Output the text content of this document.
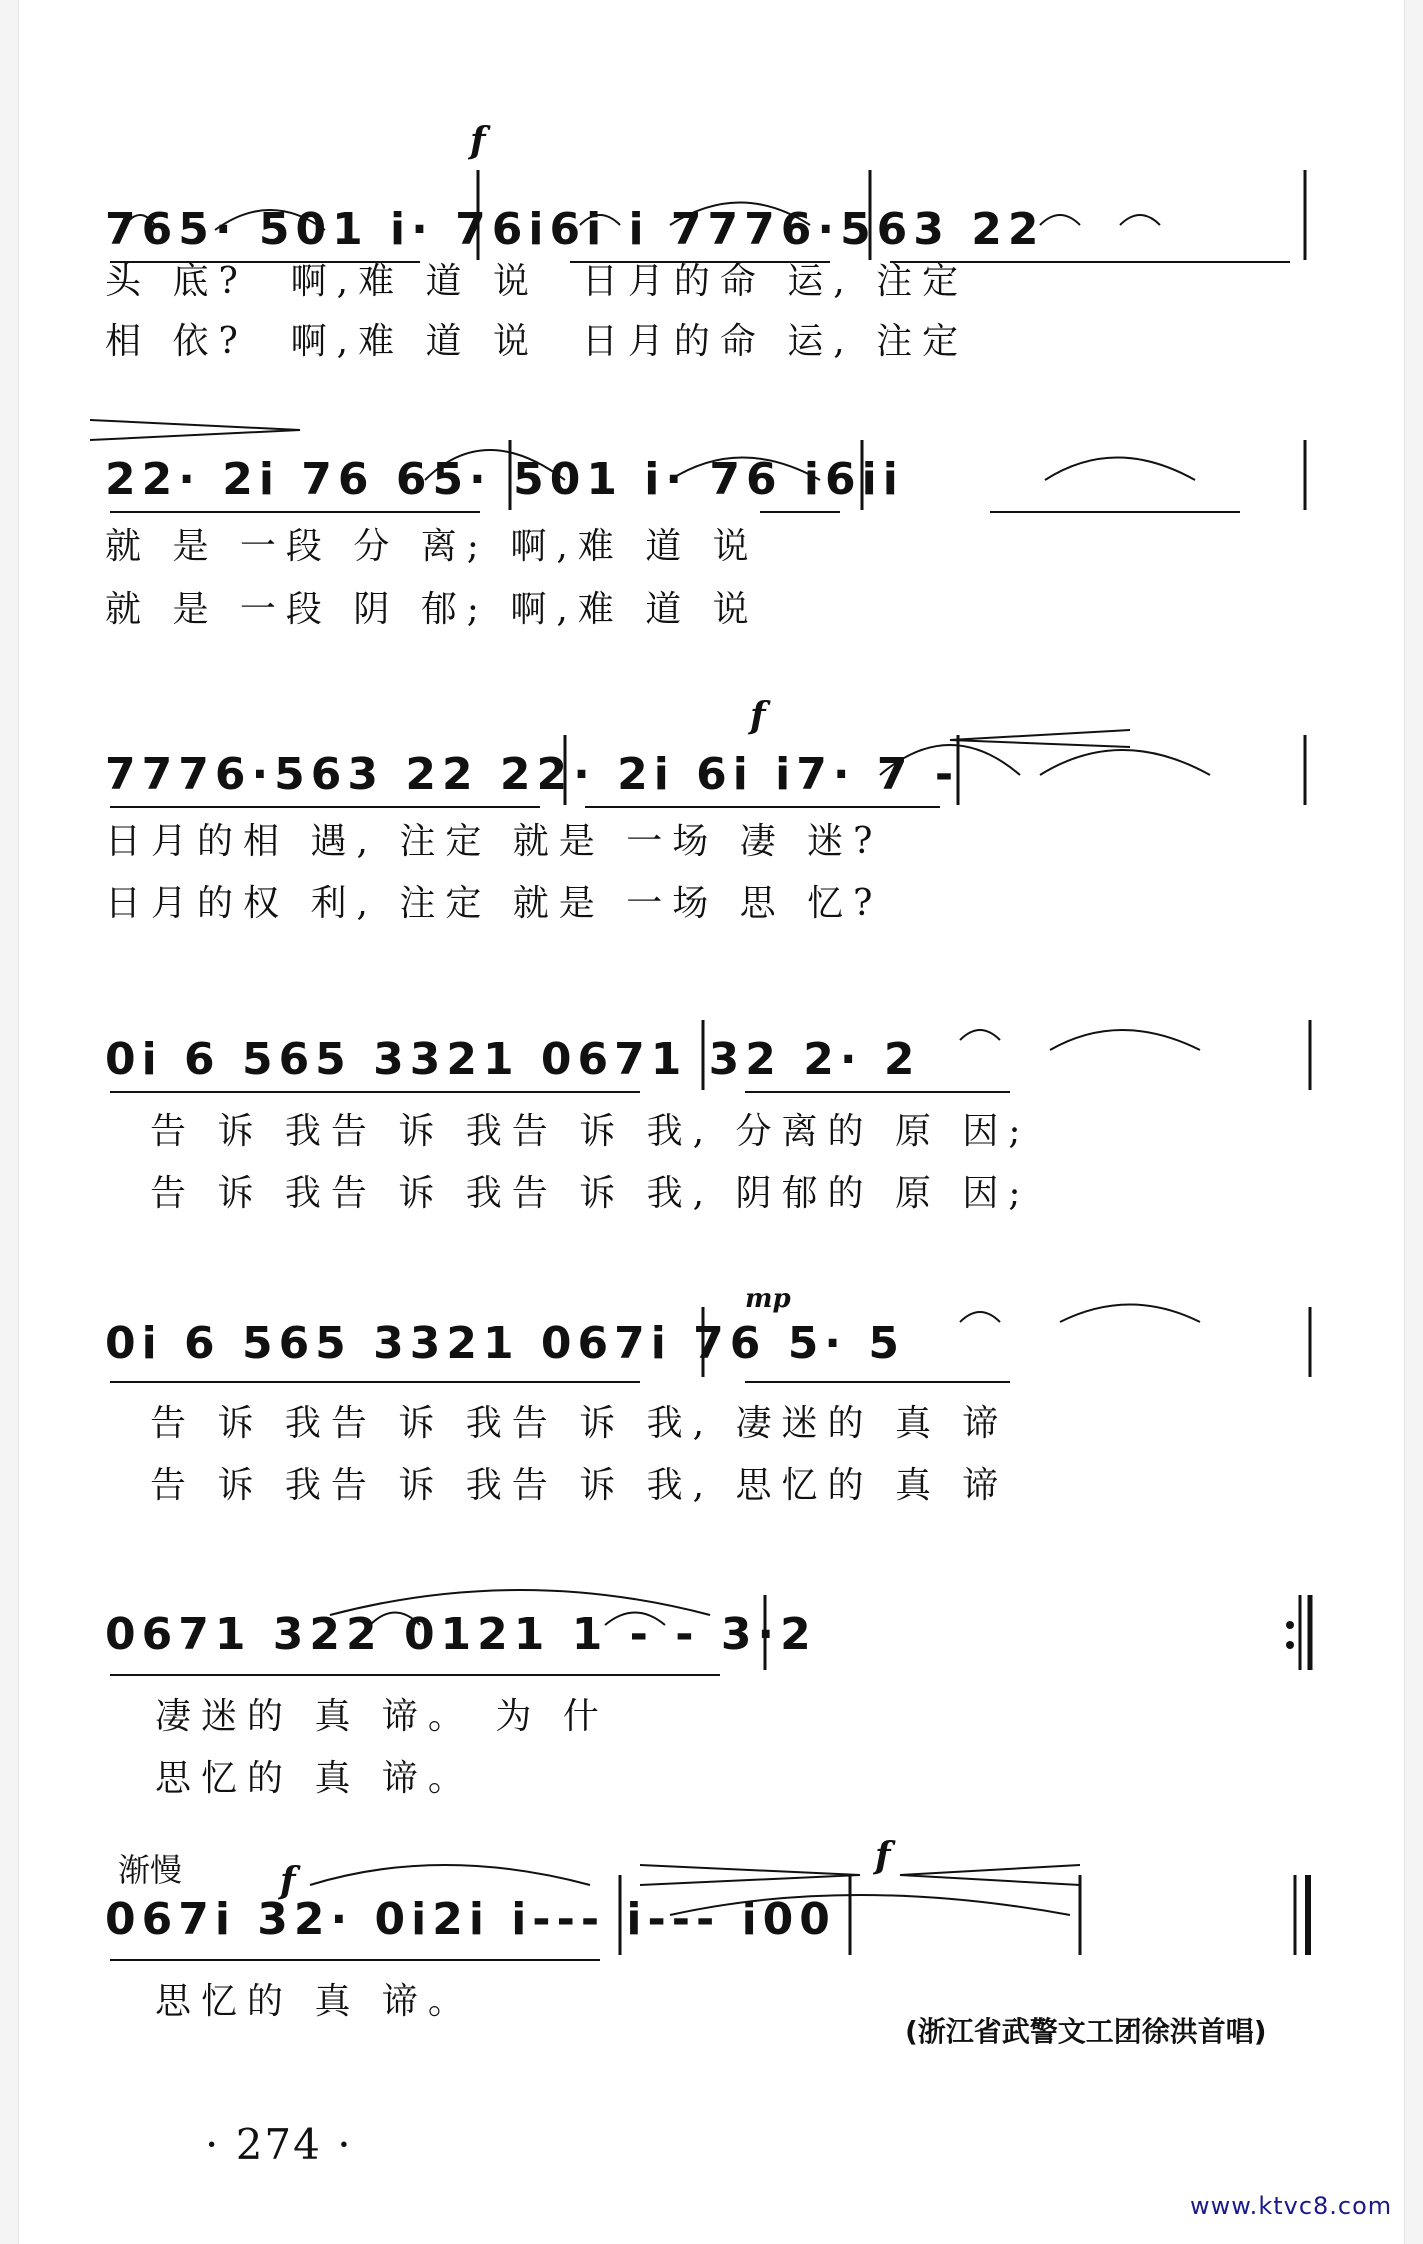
f
765· 501 i· 76i6i i 7776·563 22
头 底?  啊,难 道 说  日月的命 运, 注定
相 依?  啊,难 道 说  日月的命 运, 注定
22· 2i 76 65· 501 i· 76 i6ii
就 是 一段 分 离; 啊,难 道 说
就 是 一段 阴 郁; 啊,难 道 说
f
7776·563 22 22· 2i 6i i7· 7 -
日月的相 遇, 注定 就是 一场 凄 迷?
日月的权 利, 注定 就是 一场 思 忆?
0i 6 565 3321 0671 32 2· 2
告 诉 我告 诉 我告 诉 我, 分离的 原 因;
告 诉 我告 诉 我告 诉 我, 阴郁的 原 因;
mp
0i 6 565 3321 067i 76 5· 5
告 诉 我告 诉 我告 诉 我, 凄迷的 真 谛
告 诉 我告 诉 我告 诉 我, 思忆的 真 谛
0671 322 0121 1 - - 3·2
凄迷的 真 谛。 为 什
思忆的 真 谛。
渐慢	f
f
067i 32· 0i2i i--- i--- i00
思忆的 真 谛。
(浙江省武警文工团徐洪首唱)
· 274 ·
www.ktvc8.com
